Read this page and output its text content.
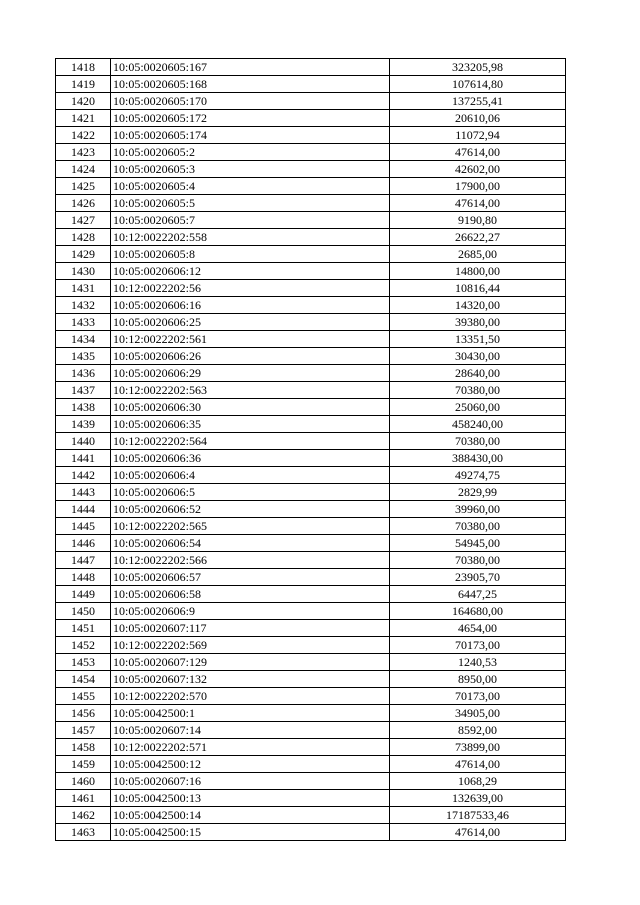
1418	10:05:0020605:167	323205,98
1419	10:05:0020605:168	107614,80
1420	10:05:0020605:170	137255,41
1421	10:05:0020605:172	20610,06
1422	10:05:0020605:174	11072,94
1423	10:05:0020605:2	47614,00
1424	10:05:0020605:3	42602,00
1425	10:05:0020605:4	17900,00
1426	10:05:0020605:5	47614,00
1427	10:05:0020605:7	9190,80
1428	10:12:0022202:558	26622,27
1429	10:05:0020605:8	2685,00
1430	10:05:0020606:12	14800,00
1431	10:12:0022202:56	10816,44
1432	10:05:0020606:16	14320,00
1433	10:05:0020606:25	39380,00
1434	10:12:0022202:561	13351,50
1435	10:05:0020606:26	30430,00
1436	10:05:0020606:29	28640,00
1437	10:12:0022202:563	70380,00
1438	10:05:0020606:30	25060,00
1439	10:05:0020606:35	458240,00
1440	10:12:0022202:564	70380,00
1441	10:05:0020606:36	388430,00
1442	10:05:0020606:4	49274,75
1443	10:05:0020606:5	2829,99
1444	10:05:0020606:52	39960,00
1445	10:12:0022202:565	70380,00
1446	10:05:0020606:54	54945,00
1447	10:12:0022202:566	70380,00
1448	10:05:0020606:57	23905,70
1449	10:05:0020606:58	6447,25
1450	10:05:0020606:9	164680,00
1451	10:05:0020607:117	4654,00
1452	10:12:0022202:569	70173,00
1453	10:05:0020607:129	1240,53
1454	10:05:0020607:132	8950,00
1455	10:12:0022202:570	70173,00
1456	10:05:0042500:1	34905,00
1457	10:05:0020607:14	8592,00
1458	10:12:0022202:571	73899,00
1459	10:05:0042500:12	47614,00
1460	10:05:0020607:16	1068,29
1461	10:05:0042500:13	132639,00
1462	10:05:0042500:14	17187533,46
1463	10:05:0042500:15	47614,00
